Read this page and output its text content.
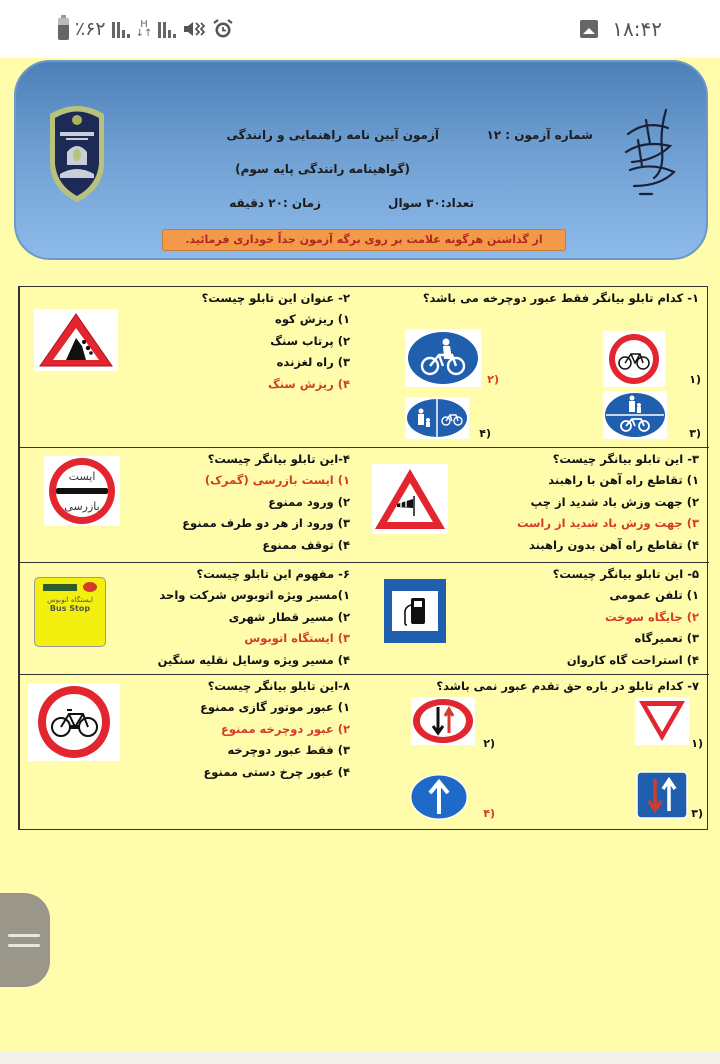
٪۶۲	H
↓↑	۱۸:۴۲
شماره آزمون : ۱۲
آزمون آیین نامه راهنمایی و رانندگی
(گواهینامه رانندگی پایه سوم)
تعداد:۳۰ سوال
زمان :۲۰ دقیقه
از گذاشتن هرگونه علامت بر روی برگه آزمون جداً خوداری فرمائید.
۲- عنوان این تابلو چیست؟
۱) ریزش کوه
۲) پرتاب سنگ
۳) راه لغزنده
۴) ریزش سنگ
۱- کدام تابلو بیانگر فقط عبور دوچرخه می باشد؟
(۱
(۲
(۳
(۴
۴-این تابلو بیانگر چیست؟
۱) ایست بازرسی (گمرک)
۲) ورود ممنوع
۳) ورود از هر دو طرف ممنوع
۴) توقف ممنوع
ایست
بازرسی
۳- این تابلو بیانگر چیست؟
۱) تقاطع راه آهن با راهبند
۲) جهت وزش باد شدید از چپ
۳) جهت وزش باد شدید از راست
۴) تقاطع راه آهن بدون راهبند
۶- مفهوم این تابلو چیست؟
۱)مسیر ویژه اتوبوس شرکت واحد
۲) مسیر قطار شهری
۳) ایستگاه اتوبوس
۴) مسیر ویژه وسایل نقلیه سنگین
ایستگاه اتوبوس
Bus Stop
۵- این تابلو بیانگر چیست؟
۱) تلفن عمومی
۲) جایگاه سوخت
۳) تعمیرگاه
۴) استراحت گاه کاروان
۸-این تابلو بیانگر چیست؟
۱) عبور موتور گازی ممنوع
۲) عبور دوچرخه ممنوع
۳) فقط عبور دوچرخه
۴) عبور چرخ دستی ممنوع
۷- کدام تابلو در باره حق تقدم عبور نمی باشد؟
(۱
(۲
(۳
(۴
